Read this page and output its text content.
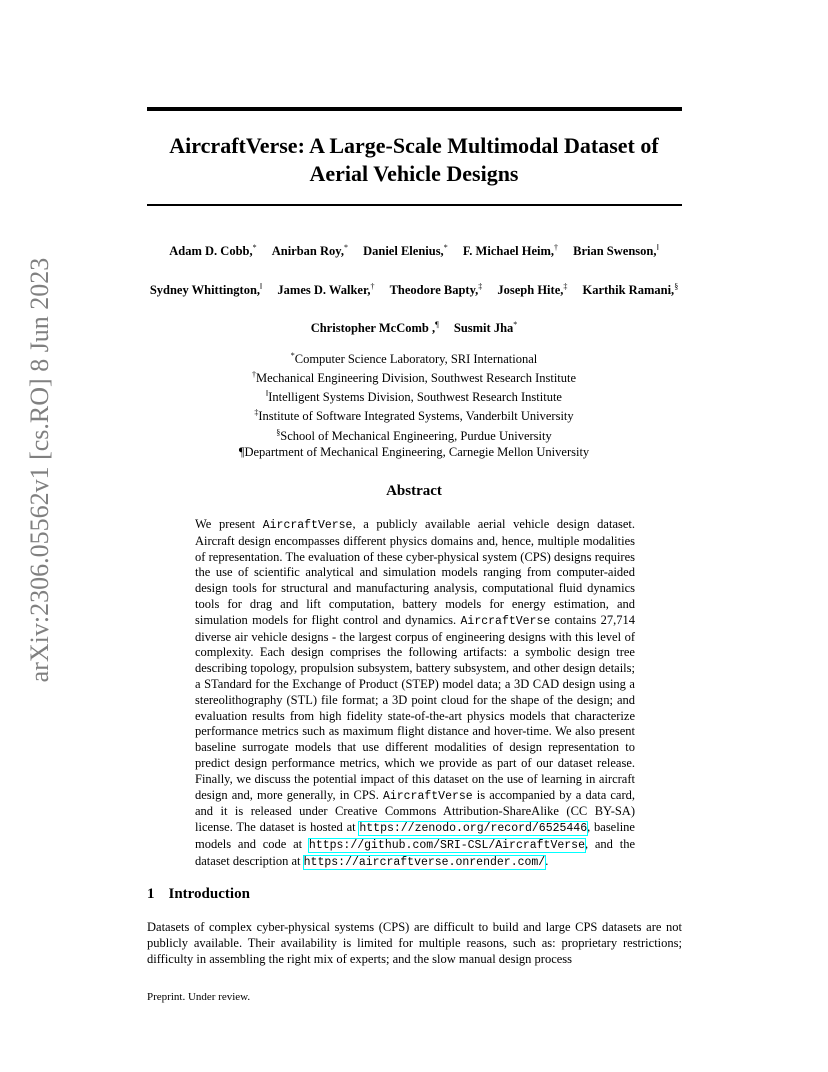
arXiv:2306.05562v1 [cs.RO] 8 Jun 2023
AircraftVerse: A Large-Scale Multimodal Dataset of
Aerial Vehicle Designs
Adam D. Cobb,* Anirban Roy,* Daniel Elenius,* F. Michael Heim,† Brian Swenson,‖
Sydney Whittington,‖ James D. Walker,† Theodore Bapty,‡ Joseph Hite,‡ Karthik Ramani,§
Christopher McComb ,¶ Susmit Jha*
*Computer Science Laboratory, SRI International
†Mechanical Engineering Division, Southwest Research Institute
‖Intelligent Systems Division, Southwest Research Institute
‡Institute of Software Integrated Systems, Vanderbilt University
§School of Mechanical Engineering, Purdue University
¶Department of Mechanical Engineering, Carnegie Mellon University
Abstract

We present AircraftVerse, a publicly available aerial vehicle design dataset. Aircraft design encompasses different physics domains and, hence, multiple modalities of representation. The evaluation of these cyber-physical system (CPS) designs requires the use of scientific analytical and simulation models ranging from computer-aided design tools for structural and manufacturing analysis, computational fluid dynamics tools for drag and lift computation, battery models for energy estimation, and simulation models for flight control and dynamics. AircraftVerse contains 27,714 diverse air vehicle designs - the largest corpus of engineering designs with this level of complexity. Each design comprises the following artifacts: a symbolic design tree describing topology, propulsion subsystem, battery subsystem, and other design details; a STandard for the Exchange of Product (STEP) model data; a 3D CAD design using a stereolithography (STL) file format; a 3D point cloud for the shape of the design; and evaluation results from high fidelity state-of-the-art physics models that characterize performance metrics such as maximum flight distance and hover-time. We also present baseline surrogate models that use different modalities of design representation to predict design performance metrics, which we provide as part of our dataset release. Finally, we discuss the potential impact of this dataset on the use of learning in aircraft design and, more generally, in CPS. AircraftVerse is accompanied by a data card, and it is released under Creative Commons Attribution-ShareAlike (CC BY-SA) license. The dataset is hosted at https://zenodo.org/record/6525446, baseline models and code at https://github.com/SRI-CSL/AircraftVerse, and the dataset description at https://aircraftverse.onrender.com/.

1 Introduction

Datasets of complex cyber-physical systems (CPS) are difficult to build and large CPS datasets are not publicly available. Their availability is limited for multiple reasons, such as: proprietary restrictions; difficulty in assembling the right mix of experts; and the slow manual design process

Preprint. Under review.
